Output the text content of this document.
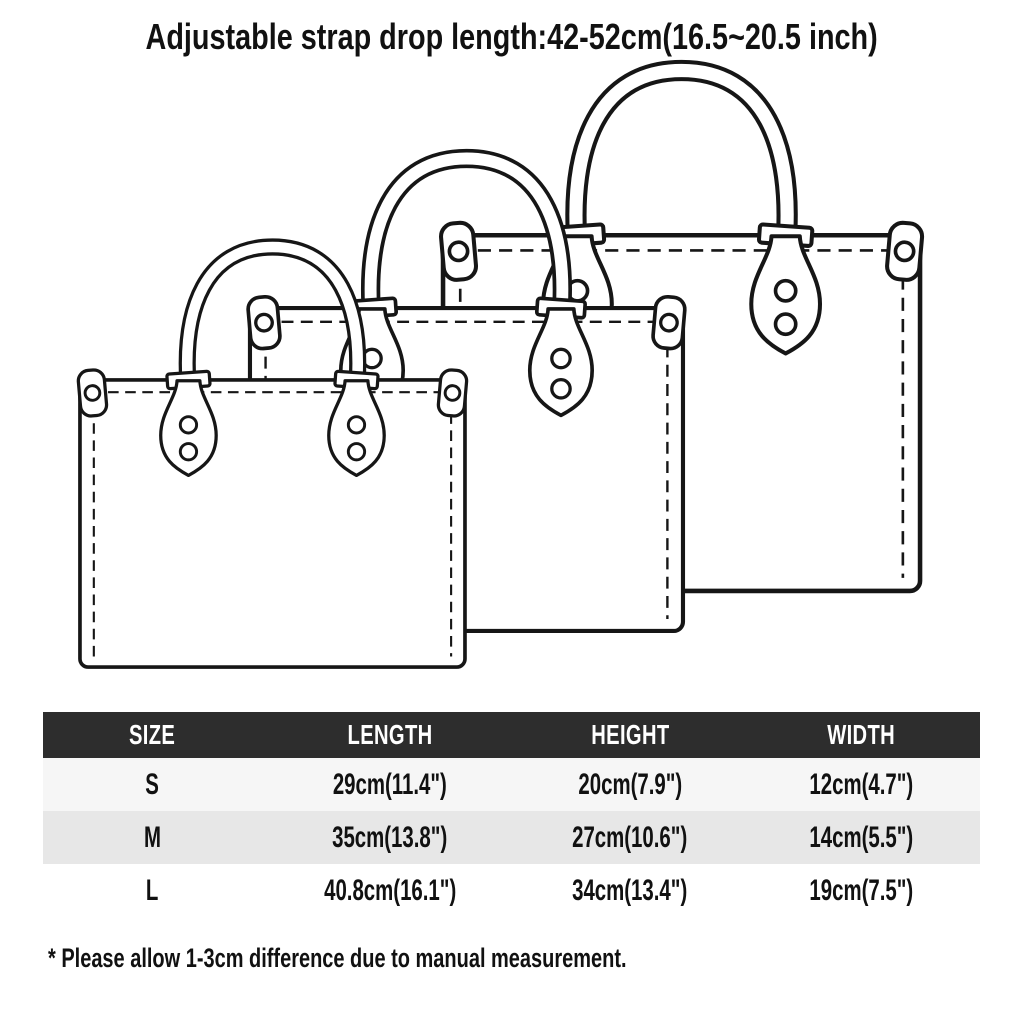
Adjustable strap drop length:42-52cm(16.5~20.5 inch)
SIZE	LENGTH	HEIGHT	WIDTH
S	29cm(11.4")	20cm(7.9")	12cm(4.7")
M	35cm(13.8")	27cm(10.6")	14cm(5.5")
L	40.8cm(16.1")	34cm(13.4")	19cm(7.5")
* Please allow 1-3cm difference due to manual measurement.
